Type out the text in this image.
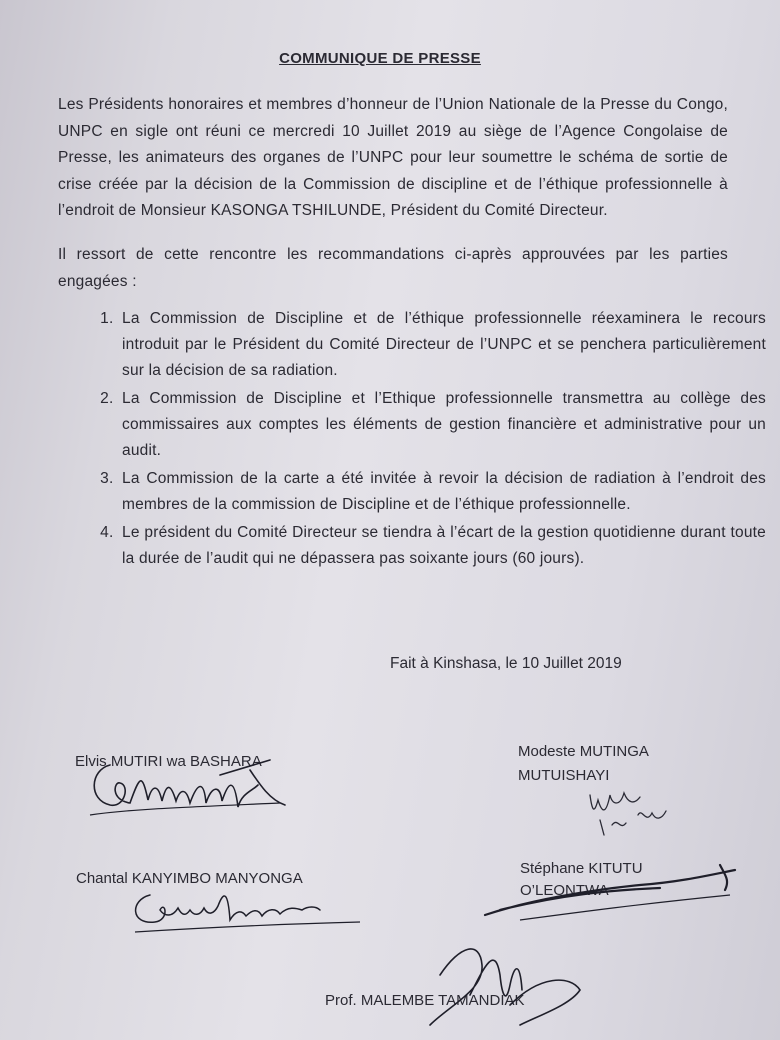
COMMUNIQUE DE PRESSE
Les Présidents honoraires et membres d’honneur de l’Union Nationale de la Presse du Congo, UNPC en sigle ont réuni ce mercredi 10 Juillet 2019 au siège de l’Agence Congolaise de Presse, les animateurs des organes de l’UNPC pour leur soumettre le schéma de sortie de crise créée par la décision de la Commission de discipline et de l’éthique professionnelle à l’endroit de Monsieur KASONGA TSHILUNDE, Président du Comité Directeur.
Il ressort de cette rencontre les recommandations ci-après approuvées par les parties engagées :
1. La Commission de Discipline et de l’éthique professionnelle réexaminera le recours introduit par le Président du Comité Directeur de l’UNPC et se penchera particulièrement sur la décision de sa radiation.
2. La Commission de Discipline et l’Ethique professionnelle transmettra au collège des commissaires aux comptes les éléments de gestion financière et administrative pour un audit.
3. La Commission de la carte a été invitée à revoir la décision de radiation à l’endroit des membres de la commission de Discipline et de l’éthique professionnelle.
4. Le président du Comité Directeur se tiendra à l’écart de la gestion quotidienne durant toute la durée de l’audit qui ne dépassera pas soixante jours (60 jours).
Fait à Kinshasa, le 10 Juillet 2019
Elvis MUTIRI wa BASHARA
Modeste MUTINGA MUTUISHAYI
Chantal KANYIMBO MANYONGA
Stéphane KITUTU O’LEONTWA
Prof. MALEMBE TAMANDIAK
